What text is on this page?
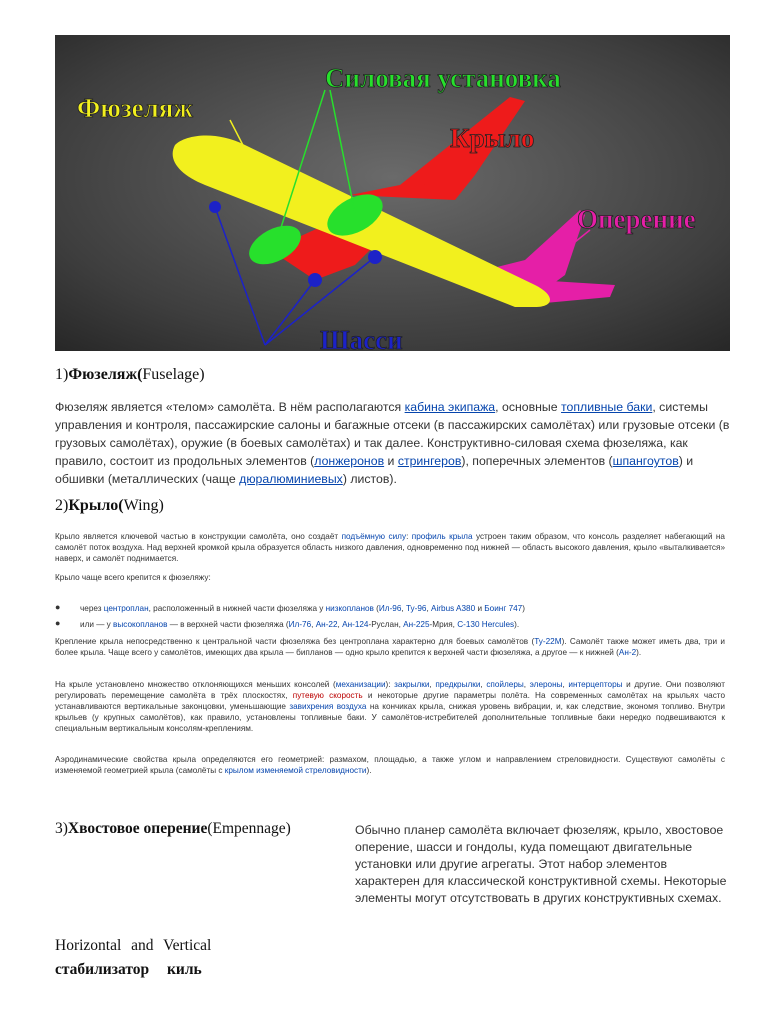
Фюзеляж
Силовая установка
Крыло
Оперение
Шасси
1)Фюзеляж(Fuselage)
Фюзеляж является «телом» самолёта. В нём располагаются кабина экипажа, основные топливные баки, системы управления и контроля, пассажирские салоны и багажные отсеки (в пассажирских самолётах) или грузовые отсеки (в грузовых самолётах), оружие (в боевых самолётах) и так далее. Конструктивно-силовая схема фюзеляжа, как правило, состоит из продольных элементов (лонжеронов и стрингеров), поперечных элементов (шпангоутов) и обшивки (металлических (чаще дюралюминиевых) листов).
2)Крыло(Wing)
Крыло является ключевой частью в конструкции самолёта, оно создаёт подъёмную силу: профиль крыла устроен таким образом, что консоль разделяет набегающий на самолёт поток воздуха. Над верхней кромкой крыла образуется область низкого давления, одновременно под нижней — область высокого давления, крыло «выталкивается» наверх, и самолёт поднимается.
Крыло чаще всего крепится к фюзеляжу:
● через центроплан, расположенный в нижней части фюзеляжа у низкопланов (Ил-96, Ту-96, Airbus A380 и Боинг 747)
● или — у высокопланов — в верхней части фюзеляжа (Ил-76, Ан-22, Ан-124-Руслан, Ан-225-Мрия, C-130 Hercules).
Крепление крыла непосредственно к центральной части фюзеляжа без центроплана характерно для боевых самолётов (Ту-22М). Самолёт также может иметь два, три и более крыла. Чаще всего у самолётов, имеющих два крыла — бипланов — одно крыло крепится к верхней части фюзеляжа, а другое — к нижней (Ан-2).
На крыле установлено множество отклоняющихся меньших консолей (механизации): закрылки, предкрылки, спойлеры, элероны, интерцепторы и другие. Они позволяют регулировать перемещение самолёта в трёх плоскостях, путевую скорость и некоторые другие параметры полёта. На современных самолётах на крыльях часто устанавливаются вертикальные законцовки, уменьшающие завихрения воздуха на кончиках крыла, снижая уровень вибрации, и, как следствие, экономя топливо. Внутри крыльев (у крупных самолётов), как правило, установлены топливные баки. У самолётов-истребителей дополнительные топливные баки нередко подвешиваются к специальным вертикальным консолям-креплениям.
Аэродинамические свойства крыла определяются его геометрией: размахом, площадью, а также углом и направлением стреловидности. Существуют самолёты с изменяемой геометрией крыла (самолёты с крылом изменяемой стреловидности).
3)Хвостовое оперение(Empennage)	Обычно планер самолёта включает фюзеляж, крыло, хвостовое оперение, шасси и гондолы, куда помещают двигательные установки или другие агрегаты. Этот набор элементов характерен для классической конструктивной схемы. Некоторые элементы могут отсутствовать в других конструктивных схемах.
Horizontal and Vertical
стабилизатор киль
